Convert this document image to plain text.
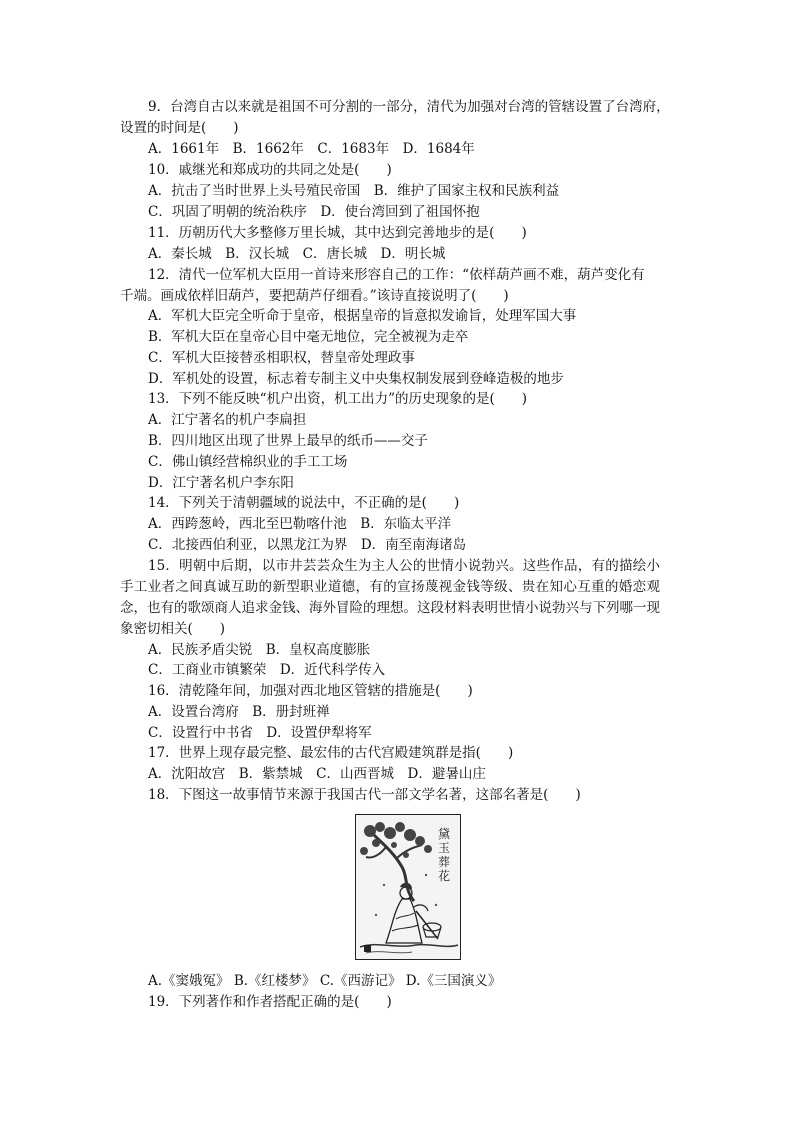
9．台湾自古以来就是祖国不可分割的一部分，清代为加强对台湾的管辖设置了台湾府，
设置的时间是(　　)
A．1661年　B．1662年　C．1683年　D．1684年
10．戚继光和郑成功的共同之处是(　　)
A．抗击了当时世界上头号殖民帝国　B．维护了国家主权和民族利益
C．巩固了明朝的统治秩序　D．使台湾回到了祖国怀抱
11．历朝历代大多整修万里长城，其中达到完善地步的是(　　)
A．秦长城　B．汉长城　C．唐长城　D．明长城
12．清代一位军机大臣用一首诗来形容自己的工作：“依样葫芦画不难，葫芦变化有
千端。画成依样旧葫芦，要把葫芦仔细看。”该诗直接说明了(　　)
A．军机大臣完全听命于皇帝，根据皇帝的旨意拟发谕旨，处理军国大事
B．军机大臣在皇帝心目中毫无地位，完全被视为走卒
C．军机大臣接替丞相职权，替皇帝处理政事
D．军机处的设置，标志着专制主义中央集权制发展到登峰造极的地步
13．下列不能反映“机户出资，机工出力”的历史现象的是(　　)
A．江宁著名的机户李扁担
B．四川地区出现了世界上最早的纸币——交子
C．佛山镇经营棉织业的手工工场
D．江宁著名机户李东阳
14．下列关于清朝疆域的说法中，不正确的是(　　)
A．西跨葱岭，西北至巴勒喀什池　B．东临太平洋
C．北接西伯利亚，以黑龙江为界　D．南至南海诸岛
15．明朝中后期，以市井芸芸众生为主人公的世情小说勃兴。这些作品，有的描绘小手工业者之间真诚互助的新型职业道德，有的宣扬蔑视金钱等级、贵在知心互重的婚恋观念，也有的歌颂商人追求金钱、海外冒险的理想。这段材料表明世情小说勃兴与下列哪一现象密切相关(　　)
A．民族矛盾尖锐　B．皇权高度膨胀
C．工商业市镇繁荣　D．近代科学传入
16．清乾隆年间，加强对西北地区管辖的措施是(　　)
A．设置台湾府　B．册封班禅
C．设置行中书省　D．设置伊犁将军
17．世界上现存最完整、最宏伟的古代宫殿建筑群是指(　　)
A．沈阳故宫　B．紫禁城　C．山西晋城　D．避暑山庄
18．下图这一故事情节来源于我国古代一部文学名著，这部名著是(　　)
黛玉葬花
A.《窦娥冤》 B.《红楼梦》 C.《西游记》 D.《三国演义》
19．下列著作和作者搭配正确的是(　　)
